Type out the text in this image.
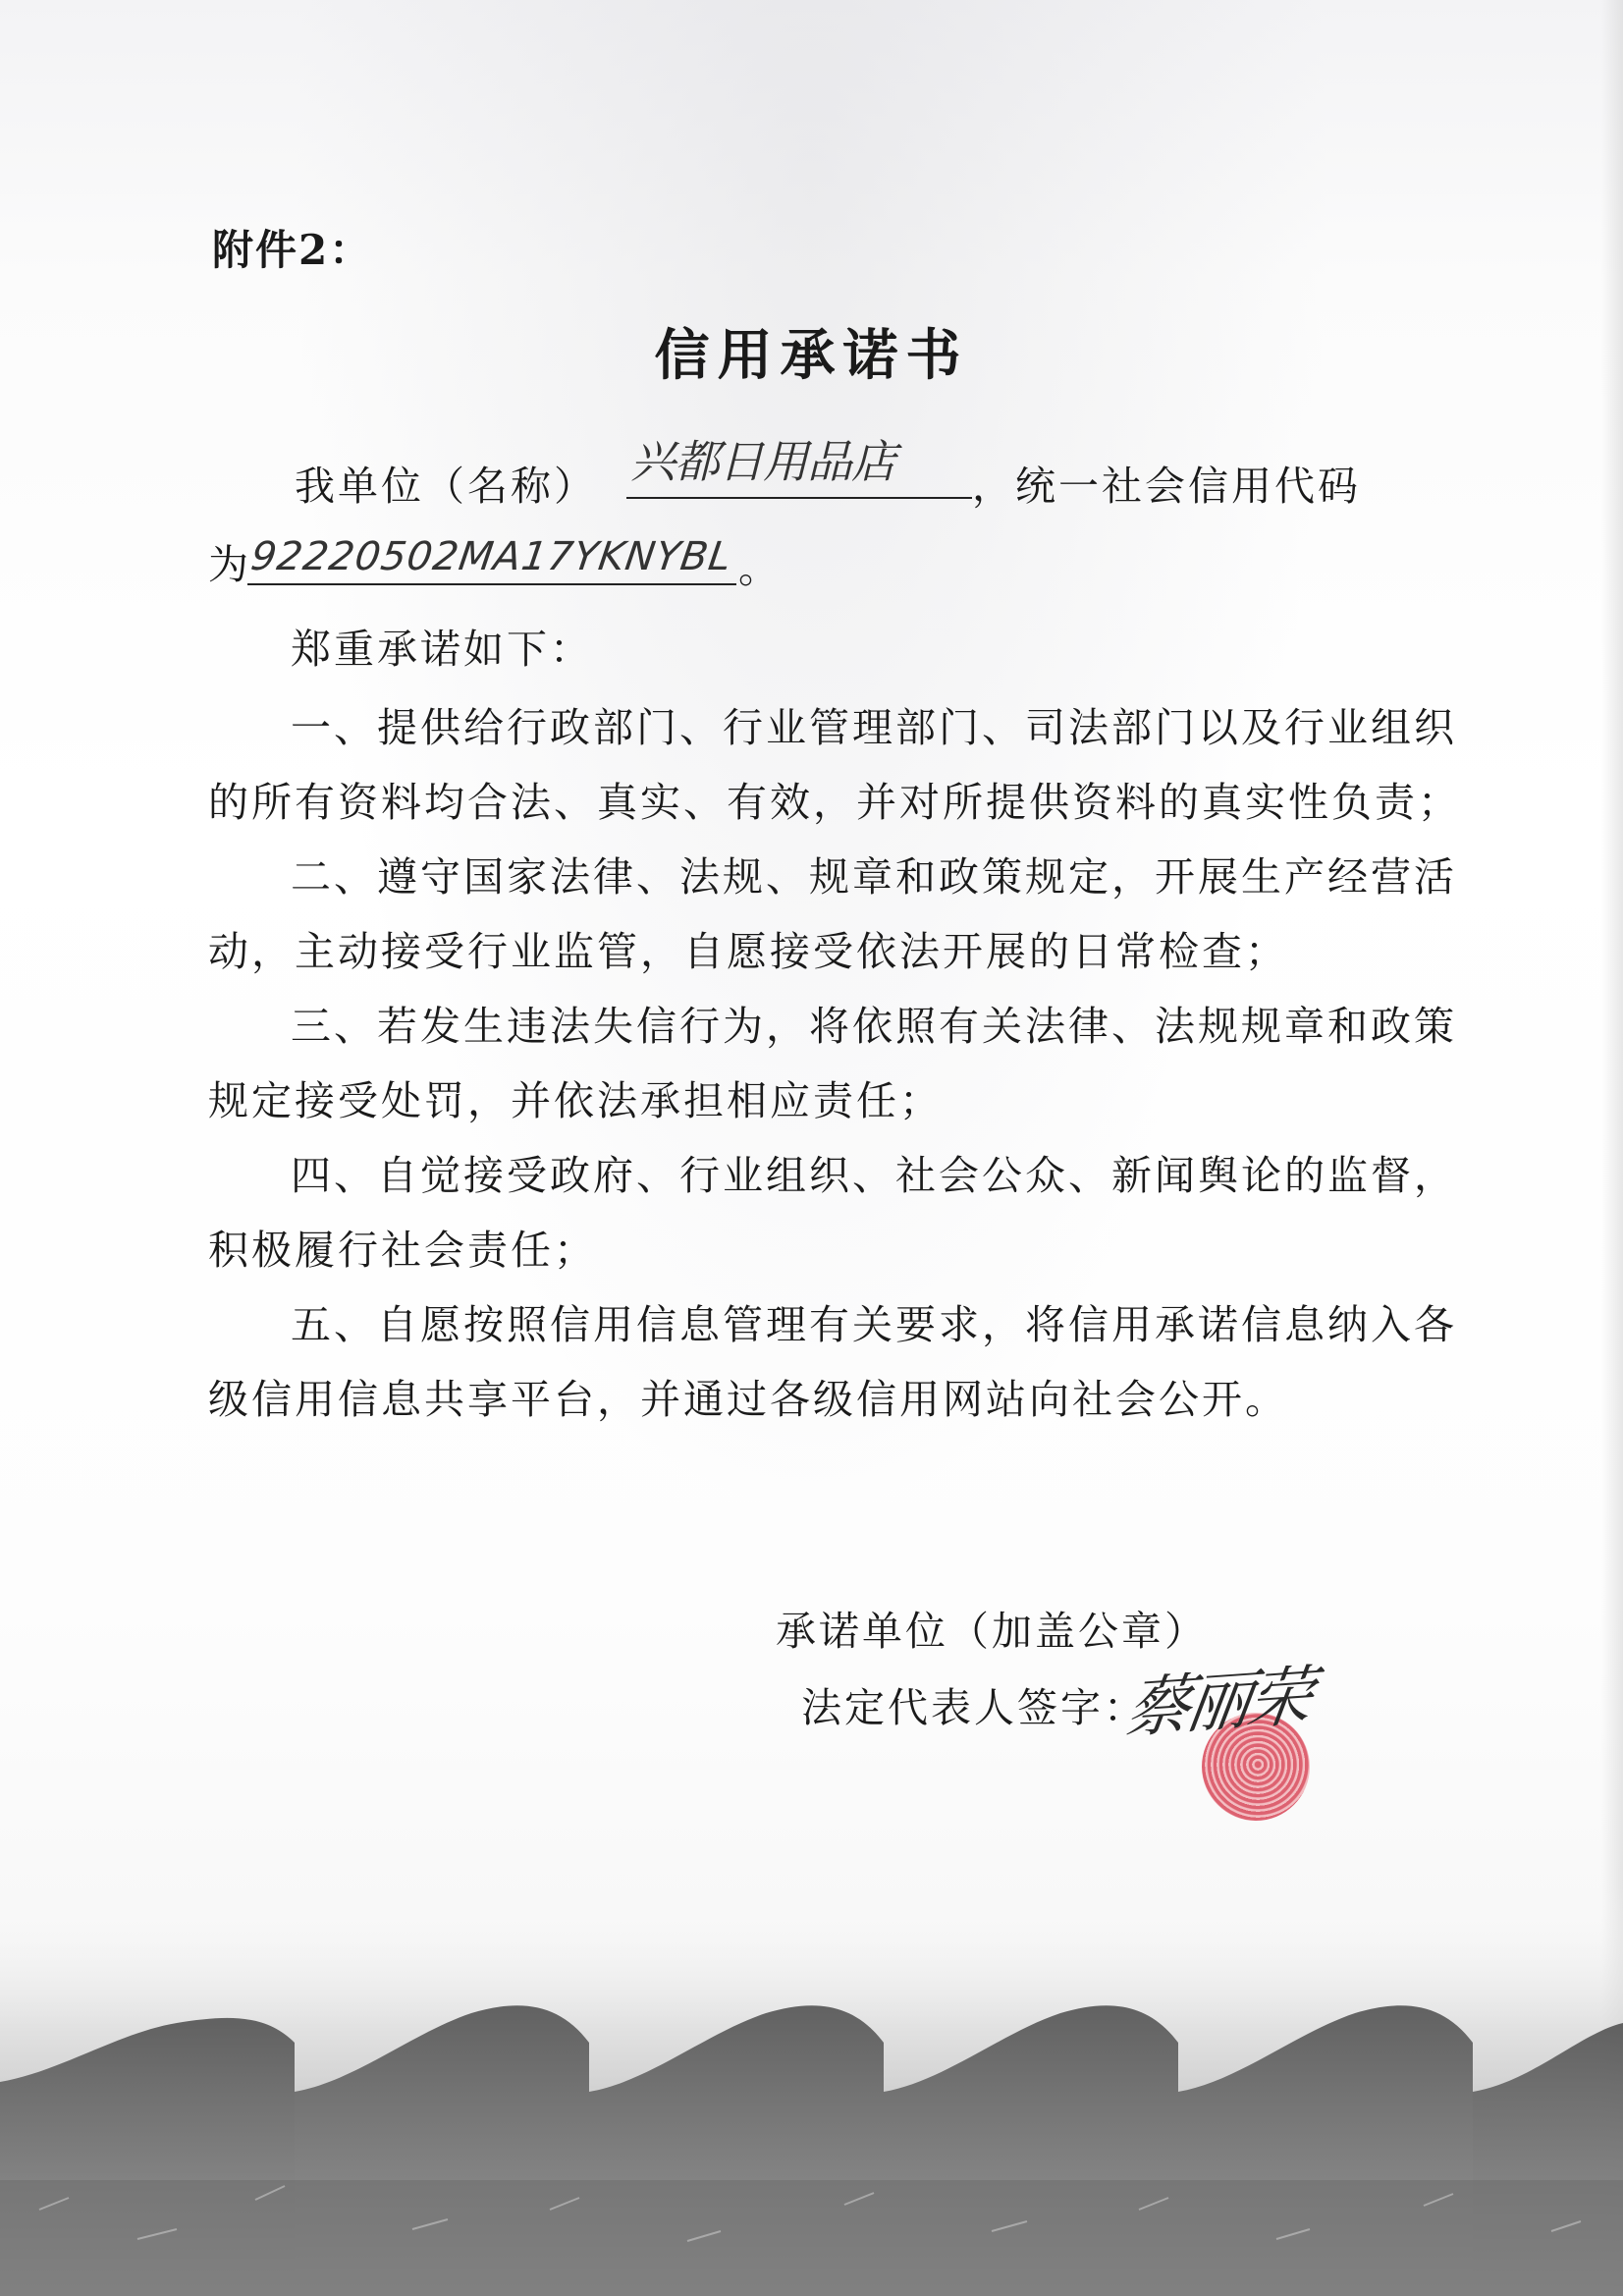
附件2：
信用承诺书
我单位（名称） 兴都日用品店 ，统一社会信用代码
为
92220502MA17YKNYBL 。
郑重承诺如下：
一、提供给行政部门、行业管理部门、司法部门以及行业组织
的所有资料均合法、真实、有效，并对所提供资料的真实性负责；
二、遵守国家法律、法规、规章和政策规定，开展生产经营活
动，主动接受行业监管，自愿接受依法开展的日常检查；
三、若发生违法失信行为，将依照有关法律、法规规章和政策
规定接受处罚，并依法承担相应责任；
四、自觉接受政府、行业组织、社会公众、新闻舆论的监督，
积极履行社会责任；
五、自愿按照信用信息管理有关要求，将信用承诺信息纳入各
级信用信息共享平台，并通过各级信用网站向社会公开。
承诺单位（加盖公章）
法定代表人签字：
蔡丽荣
